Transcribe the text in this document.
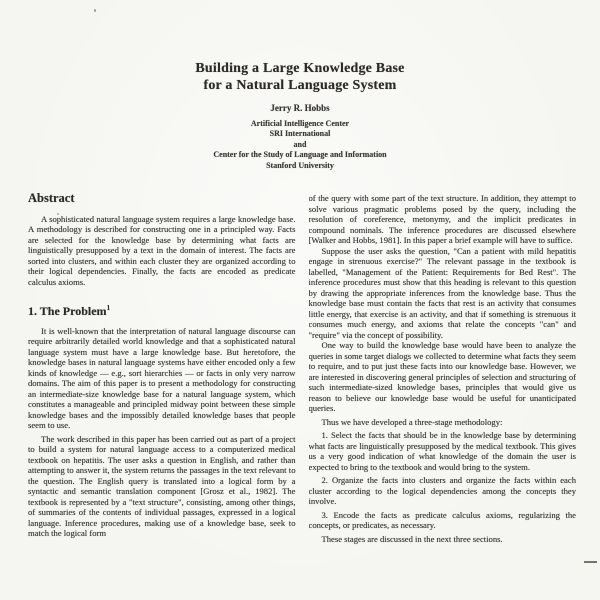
Building a Large Knowledge Base
for a Natural Language System
Jerry R. Hobbs
Artificial Intelligence Center
SRI International
and
Center for the Study of Language and Information
Stanford University
Abstract

A sophisticated natural language system requires a large knowledge base. A methodology is described for constructing one in a principled way. Facts are selected for the knowledge base by determining what facts are linguistically presupposed by a text in the domain of interest. The facts are sorted into clusters, and within each cluster they are organized according to their logical dependencies. Finally, the facts are encoded as predicate calculus axioms.

1. The Problem$^1$

It is well-known that the interpretation of natural language discourse can require arbitrarily detailed world knowledge and that a sophisticated natural language system must have a large knowledge base. But heretofore, the knowledge bases in natural language systems have either encoded only a few kinds of knowledge — e.g., sort hierarchies — or facts in only very narrow domains. The aim of this paper is to present a methodology for constructing an intermediate-size knowledge base for a natural language system, which constitutes a manageable and principled midway point between these simple knowledge bases and the impossibly detailed knowledge bases that people seem to use.

The work described in this paper has been carried out as part of a project to build a system for natural language access to a computerized medical textbook on hepatitis. The user asks a question in English, and rather than attempting to answer it, the system returns the passages in the text relevant to the question. The English query is translated into a logical form by a syntactic and semantic translation component [Grosz et al., 1982]. The textbook is represented by a "text structure", consisting, among other things, of summaries of the contents of individual passages, expressed in a logical language. Inference procedures, making use of a knowledge base, seek to match the logical form

of the query with some part of the text structure. In addition, they attempt to solve various pragmatic problems posed by the query, including the resolution of coreference, metonymy, and the implicit predicates in compound nominals. The inference procedures are discussed elsewhere [Walker and Hobbs, 1981]. In this paper a brief example will have to suffice.

Suppose the user asks the question, "Can a patient with mild hepatitis engage in strenuous exercise?" The relevant passage in the textbook is labelled, "Management of the Patient: Requirements for Bed Rest". The inference procedures must show that this heading is relevant to this question by drawing the appropriate inferences from the knowledge base. Thus the knowledge base must contain the facts that rest is an activity that consumes little energy, that exercise is an activity, and that if something is strenuous it consumes much energy, and axioms that relate the concepts "can" and "require" via the concept of possibility.

One way to build the knowledge base would have been to analyze the queries in some target dialogs we collected to determine what facts they seem to require, and to put just these facts into our knowledge base. However, we are interested in discovering general principles of selection and structuring of such intermediate-sized knowledge bases, principles that would give us reason to believe our knowledge base would be useful for unanticipated queries.

Thus we have developed a three-stage methodology:

1. Select the facts that should be in the knowledge base by determining what facts are linguistically presupposed by the medical textbook. This gives us a very good indication of what knowledge of the domain the user is expected to bring to the textbook and would bring to the system.

2. Organize the facts into clusters and organize the facts within each cluster according to the logical dependencies among the concepts they involve.

3. Encode the facts as predicate calculus axioms, regularizing the concepts, or predicates, as necessary.

These stages are discussed in the next three sections.
